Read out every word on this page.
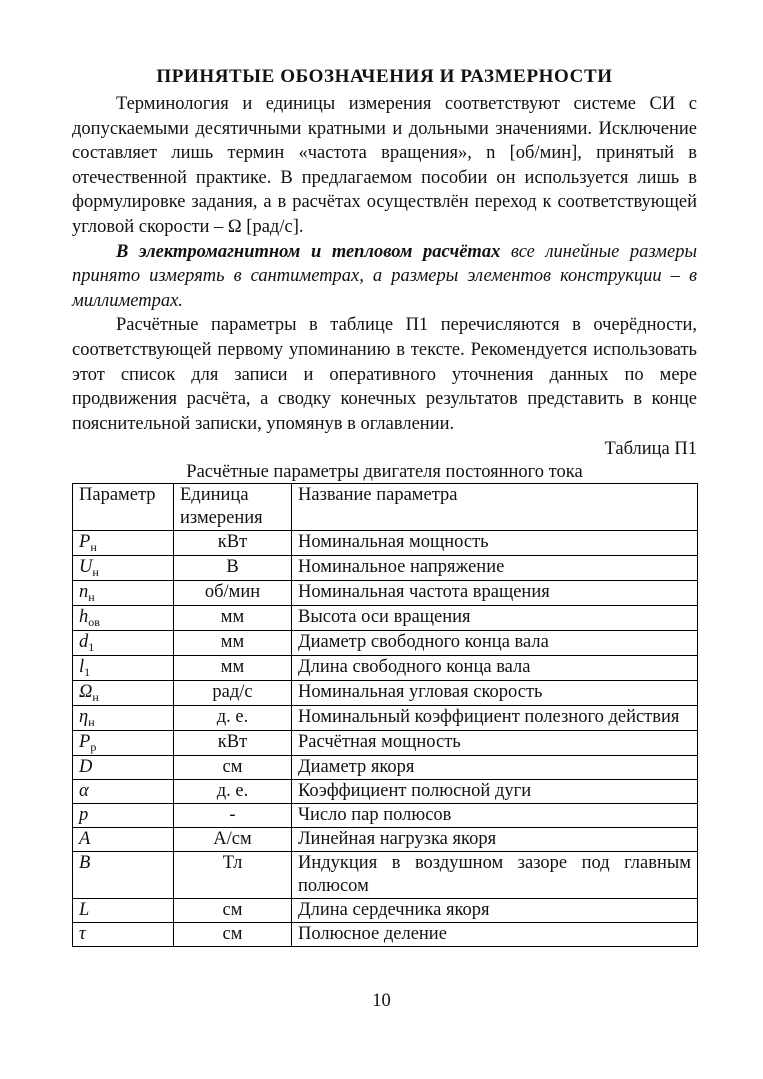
ПРИНЯТЫЕ ОБОЗНАЧЕНИЯ И РАЗМЕРНОСТИ

Терминология и единицы измерения соответствуют системе СИ с допускаемыми десятичными кратными и дольными значениями. Исключение составляет лишь термин «частота вращения», n [об/мин], принятый в отечественной практике. В предлагаемом пособии он используется лишь в формулировке задания, а в расчётах осуществлён переход к соответствующей угловой скорости – Ω [рад/с].

В электромагнитном и тепловом расчётах все линейные размеры принято измерять в сантиметрах, а размеры элементов конструкции – в миллиметрах.

Расчётные параметры в таблице П1 перечисляются в очерёдности, соответствующей первому упоминанию в тексте. Рекомендуется использовать этот список для записи и оперативного уточнения данных по мере продвижения расчёта, а сводку конечных результатов представить в конце пояснительной записки, упомянув в оглавлении.

Таблица П1
Расчётные параметры двигателя постоянного тока
Параметр	Единица измерения	Название параметра
$P_н$	кВт	Номинальная мощность
$U_н$	В	Номинальное напряжение
$n_н$	об/мин	Номинальная частота вращения
$h_{ов}$	мм	Высота оси вращения
$d_1$	мм	Диаметр свободного конца вала
$l_1$	мм	Длина свободного конца вала
$\Omega_н$	рад/с	Номинальная угловая скорость
$\eta_н$	д. е.	Номинальный коэффициент полезного действия
$P_р$	кВт	Расчётная мощность
D	см	Диаметр якоря
α	д. е.	Коэффициент полюсной дуги
p	-	Число пар полюсов
A	А/см	Линейная нагрузка якоря
B	Тл	Индукция в воздушном зазоре под главным полюсом
L	см	Длина сердечника якоря
τ	см	Полюсное деление
10
